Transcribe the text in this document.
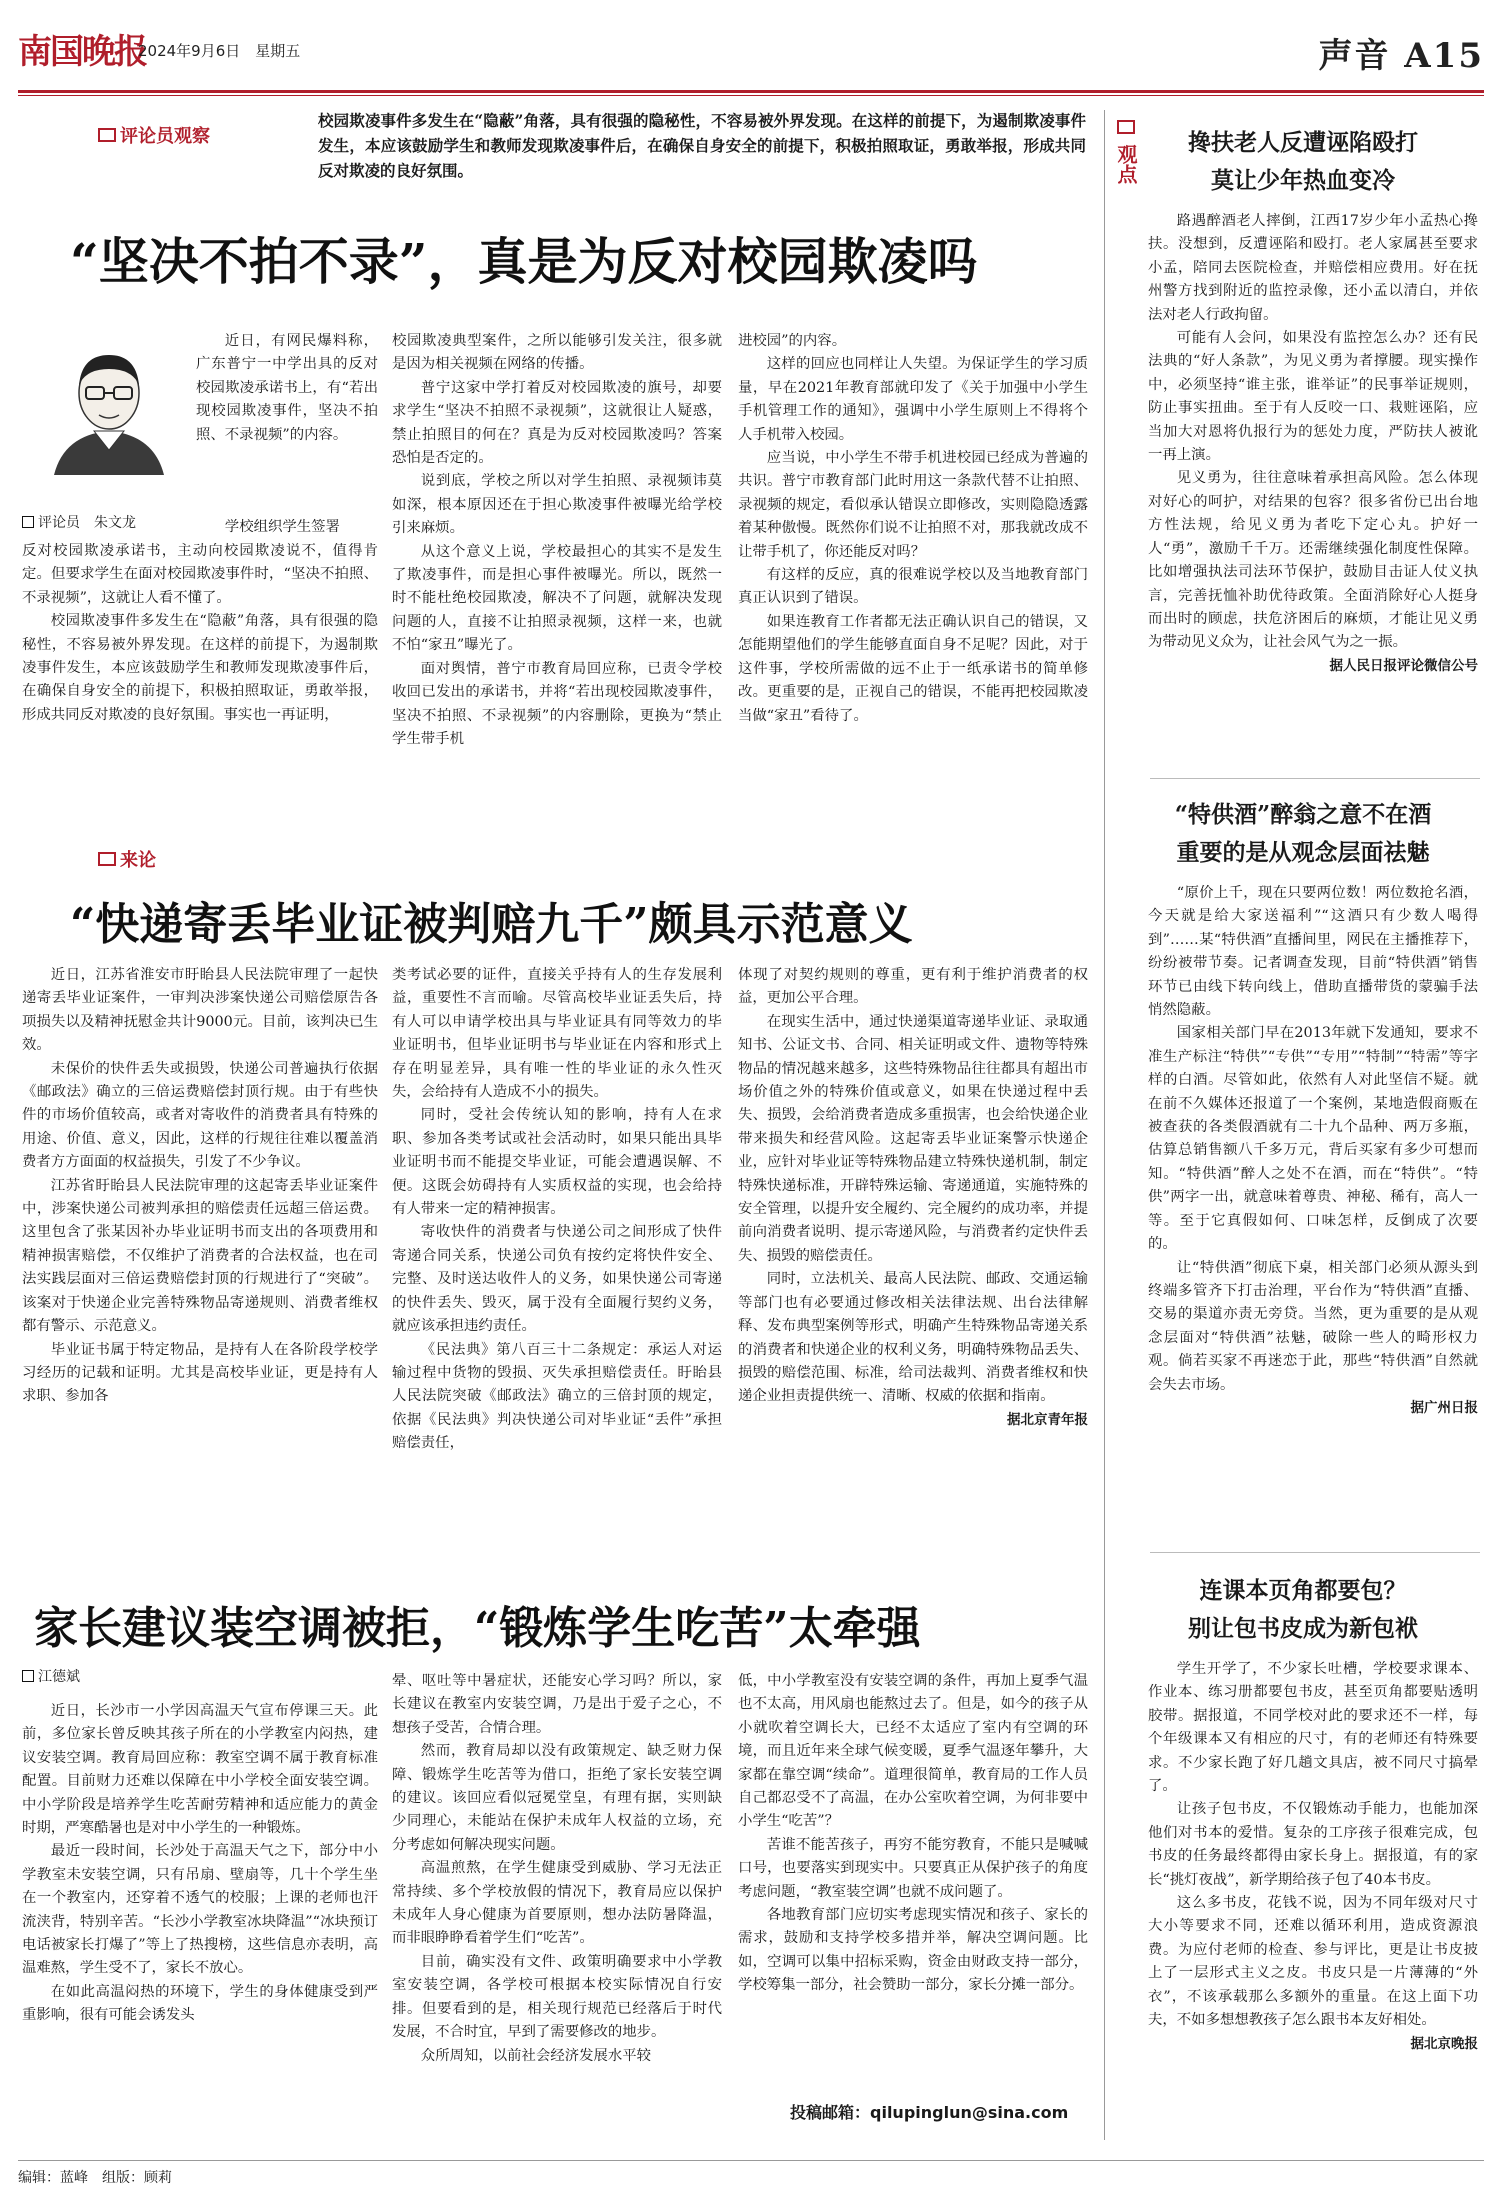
南国晚报
2024年9月6日　 星期五	声音 A15
评论员观察
校园欺凌事件多发生在“隐蔽”角落，具有很强的隐秘性，不容易被外界发现。在这样的前提下，为遏制欺凌事件发生，本应该鼓励学生和教师发现欺凌事件后，在确保自身安全的前提下，积极拍照取证，勇敢举报，形成共同反对欺凌的良好氛围。
“坚决不拍不录”，真是为反对校园欺凌吗
评论员　朱文龙

近日，有网民爆料称，广东普宁一中学出具的反对校园欺凌承诺书上，有“若出现校园欺凌事件，坚决不拍照、不录视频”的内容。

学校组织学生签署

反对校园欺凌承诺书，主动向校园欺凌说不，值得肯定。但要求学生在面对校园欺凌事件时，“坚决不拍照、不录视频”，这就让人看不懂了。

校园欺凌事件多发生在“隐蔽”角落，具有很强的隐秘性，不容易被外界发现。在这样的前提下，为遏制欺凌事件发生，本应该鼓励学生和教师发现欺凌事件后，在确保自身安全的前提下，积极拍照取证，勇敢举报，形成共同反对欺凌的良好氛围。事实也一再证明，

校园欺凌典型案件，之所以能够引发关注，很多就是因为相关视频在网络的传播。

普宁这家中学打着反对校园欺凌的旗号，却要求学生“坚决不拍照不录视频”，这就很让人疑惑，禁止拍照目的何在？真是为反对校园欺凌吗？答案恐怕是否定的。

说到底，学校之所以对学生拍照、录视频讳莫如深，根本原因还在于担心欺凌事件被曝光给学校引来麻烦。

从这个意义上说，学校最担心的其实不是发生了欺凌事件，而是担心事件被曝光。所以，既然一时不能杜绝校园欺凌，解决不了问题，就解决发现问题的人，直接不让拍照录视频，这样一来，也就不怕“家丑”曝光了。

面对舆情，普宁市教育局回应称，已责令学校收回已发出的承诺书，并将“若出现校园欺凌事件，坚决不拍照、不录视频”的内容删除，更换为“禁止学生带手机

进校园”的内容。

这样的回应也同样让人失望。为保证学生的学习质量，早在2021年教育部就印发了《关于加强中小学生手机管理工作的通知》，强调中小学生原则上不得将个人手机带入校园。

应当说，中小学生不带手机进校园已经成为普遍的共识。普宁市教育部门此时用这一条款代替不让拍照、录视频的规定，看似承认错误立即修改，实则隐隐透露着某种傲慢。既然你们说不让拍照不对，那我就改成不让带手机了，你还能反对吗？

有这样的反应，真的很难说学校以及当地教育部门真正认识到了错误。

如果连教育工作者都无法正确认识自己的错误，又怎能期望他们的学生能够直面自身不足呢？因此，对于这件事，学校所需做的远不止于一纸承诺书的简单修改。更重要的是，正视自己的错误，不能再把校园欺凌当做“家丑”看待了。

来论
“快递寄丢毕业证被判赔九千”颇具示范意义

近日，江苏省淮安市盱眙县人民法院审理了一起快递寄丢毕业证案件，一审判决涉案快递公司赔偿原告各项损失以及精神抚慰金共计9000元。目前，该判决已生效。

未保价的快件丢失或损毁，快递公司普遍执行依据《邮政法》确立的三倍运费赔偿封顶行规。由于有些快件的市场价值较高，或者对寄收件的消费者具有特殊的用途、价值、意义，因此，这样的行规往往难以覆盖消费者方方面面的权益损失，引发了不少争议。

江苏省盱眙县人民法院审理的这起寄丢毕业证案件中，涉案快递公司被判承担的赔偿责任远超三倍运费。这里包含了张某因补办毕业证明书而支出的各项费用和精神损害赔偿，不仅维护了消费者的合法权益，也在司法实践层面对三倍运费赔偿封顶的行规进行了“突破”。该案对于快递企业完善特殊物品寄递规则、消费者维权都有警示、示范意义。

毕业证书属于特定物品，是持有人在各阶段学校学习经历的记载和证明。尤其是高校毕业证，更是持有人求职、参加各

类考试必要的证件，直接关乎持有人的生存发展利益，重要性不言而喻。尽管高校毕业证丢失后，持有人可以申请学校出具与毕业证具有同等效力的毕业证明书，但毕业证明书与毕业证在内容和形式上存在明显差异，具有唯一性的毕业证的永久性灭失，会给持有人造成不小的损失。

同时，受社会传统认知的影响，持有人在求职、参加各类考试或社会活动时，如果只能出具毕业证明书而不能提交毕业证，可能会遭遇误解、不便。这既会妨碍持有人实质权益的实现，也会给持有人带来一定的精神损害。

寄收快件的消费者与快递公司之间形成了快件寄递合同关系，快递公司负有按约定将快件安全、完整、及时送达收件人的义务，如果快递公司寄递的快件丢失、毁灭，属于没有全面履行契约义务，就应该承担违约责任。

《民法典》第八百三十二条规定：承运人对运输过程中货物的毁损、灭失承担赔偿责任。盱眙县人民法院突破《邮政法》确立的三倍封顶的规定，依据《民法典》判决快递公司对毕业证“丢件”承担赔偿责任，

体现了对契约规则的尊重，更有利于维护消费者的权益，更加公平合理。

在现实生活中，通过快递渠道寄递毕业证、录取通知书、公证文书、合同、相关证明或文件、遗物等特殊物品的情况越来越多，这些特殊物品往往都具有超出市场价值之外的特殊价值或意义，如果在快递过程中丢失、损毁，会给消费者造成多重损害，也会给快递企业带来损失和经营风险。这起寄丢毕业证案警示快递企业，应针对毕业证等特殊物品建立特殊快递机制，制定特殊快递标准，开辟特殊运输、寄递通道，实施特殊的安全管理，以提升安全履约、完全履约的成功率，并提前向消费者说明、提示寄递风险，与消费者约定快件丢失、损毁的赔偿责任。

同时，立法机关、最高人民法院、邮政、交通运输等部门也有必要通过修改相关法律法规、出台法律解释、发布典型案例等形式，明确产生特殊物品寄递关系的消费者和快递企业的权利义务，明确特殊物品丢失、损毁的赔偿范围、标准，给司法裁判、消费者维权和快递企业担责提供统一、清晰、权威的依据和指南。

据北京青年报

家长建议装空调被拒，“锻炼学生吃苦”太牵强
江德斌

近日，长沙市一小学因高温天气宣布停课三天。此前，多位家长曾反映其孩子所在的小学教室内闷热，建议安装空调。教育局回应称：教室空调不属于教育标准配置。目前财力还难以保障在中小学校全面安装空调。中小学阶段是培养学生吃苦耐劳精神和适应能力的黄金时期，严寒酷暑也是对中小学生的一种锻炼。

最近一段时间，长沙处于高温天气之下，部分中小学教室未安装空调，只有吊扇、壁扇等，几十个学生坐在一个教室内，还穿着不透气的校服；上课的老师也汗流浃背，特别辛苦。“长沙小学教室冰块降温”“冰块预订电话被家长打爆了”等上了热搜榜，这些信息亦表明，高温难熬，学生受不了，家长不放心。

在如此高温闷热的环境下，学生的身体健康受到严重影响，很有可能会诱发头

晕、呕吐等中暑症状，还能安心学习吗？所以，家长建议在教室内安装空调，乃是出于爱子之心，不想孩子受苦，合情合理。

然而，教育局却以没有政策规定、缺乏财力保障、锻炼学生吃苦等为借口，拒绝了家长安装空调的建议。该回应看似冠冕堂皇，有理有据，实则缺少同理心，未能站在保护未成年人权益的立场，充分考虑如何解决现实问题。

高温煎熬，在学生健康受到威胁、学习无法正常持续、多个学校放假的情况下，教育局应以保护未成年人身心健康为首要原则，想办法防暑降温，而非眼睁睁看着学生们“吃苦”。

目前，确实没有文件、政策明确要求中小学教室安装空调，各学校可根据本校实际情况自行安排。但要看到的是，相关现行规范已经落后于时代发展，不合时宜，早到了需要修改的地步。

众所周知，以前社会经济发展水平较

低，中小学教室没有安装空调的条件，再加上夏季气温也不太高，用风扇也能熬过去了。但是，如今的孩子从小就吹着空调长大，已经不太适应了室内有空调的环境，而且近年来全球气候变暖，夏季气温逐年攀升，大家都在靠空调“续命”。道理很简单，教育局的工作人员自己都忍受不了高温，在办公室吹着空调，为何非要中小学生“吃苦”？

苦谁不能苦孩子，再穷不能穷教育，不能只是喊喊口号，也要落实到现实中。只要真正从保护孩子的角度考虑问题，“教室装空调”也就不成问题了。

各地教育部门应切实考虑现实情况和孩子、家长的需求，鼓励和支持学校多措并举，解决空调问题。比如，空调可以集中招标采购，资金由财政支持一部分，学校筹集一部分，社会赞助一部分，家长分摊一部分。

投稿邮箱：qilupinglun@sina.com
观点
搀扶老人反遭诬陷殴打
莫让少年热血变冷

路遇醉酒老人摔倒，江西17岁少年小孟热心搀扶。没想到，反遭诬陷和殴打。老人家属甚至要求小孟，陪同去医院检查，并赔偿相应费用。好在抚州警方找到附近的监控录像，还小孟以清白，并依法对老人行政拘留。

可能有人会问，如果没有监控怎么办？还有民法典的“好人条款”，为见义勇为者撑腰。现实操作中，必须坚持“谁主张，谁举证”的民事举证规则，防止事实扭曲。至于有人反咬一口、栽赃诬陷，应当加大对恩将仇报行为的惩处力度，严防扶人被讹一再上演。

见义勇为，往往意味着承担高风险。怎么体现对好心的呵护，对结果的包容？很多省份已出台地方性法规，给见义勇为者吃下定心丸。护好一人“勇”，激励千千万。还需继续强化制度性保障。比如增强执法司法环节保护，鼓励目击证人仗义执言，完善抚恤补助优待政策。全面消除好心人挺身而出时的顾虑，扶危济困后的麻烦，才能让见义勇为带动见义众为，让社会风气为之一振。

据人民日报评论微信公号

“特供酒”醉翁之意不在酒
重要的是从观念层面祛魅

“原价上千，现在只要两位数！两位数抢名酒，今天就是给大家送福利”“这酒只有少数人喝得到”……某“特供酒”直播间里，网民在主播推荐下，纷纷被带节奏。记者调查发现，目前“特供酒”销售环节已由线下转向线上，借助直播带货的蒙骗手法悄然隐蔽。

国家相关部门早在2013年就下发通知，要求不准生产标注“特供”“专供”“专用”“特制”“特需”等字样的白酒。尽管如此，依然有人对此坚信不疑。就在前不久媒体还报道了一个案例，某地造假商贩在被查获的各类假酒就有二十九个品种、两万多瓶，估算总销售额八千多万元，背后买家有多少可想而知。“特供酒”醉人之处不在酒，而在“特供”。“特供”两字一出，就意味着尊贵、神秘、稀有，高人一等。至于它真假如何、口味怎样，反倒成了次要的。

让“特供酒”彻底下桌，相关部门必须从源头到终端多管齐下打击治理，平台作为“特供酒”直播、交易的渠道亦责无旁贷。当然，更为重要的是从观念层面对“特供酒”祛魅，破除一些人的畸形权力观。倘若买家不再迷恋于此，那些“特供酒”自然就会失去市场。

据广州日报

连课本页角都要包？
别让包书皮成为新包袱

学生开学了，不少家长吐槽，学校要求课本、作业本、练习册都要包书皮，甚至页角都要贴透明胶带。据报道，不同学校对此的要求还不一样，每个年级课本又有相应的尺寸，有的老师还有特殊要求。不少家长跑了好几趟文具店，被不同尺寸搞晕了。

让孩子包书皮，不仅锻炼动手能力，也能加深他们对书本的爱惜。复杂的工序孩子很难完成，包书皮的任务最终都得由家长身上。据报道，有的家长“挑灯夜战”，新学期给孩子包了40本书皮。

这么多书皮，花钱不说，因为不同年级对尺寸大小等要求不同，还难以循环利用，造成资源浪费。为应付老师的检查、参与评比，更是让书皮披上了一层形式主义之皮。书皮只是一片薄薄的“外衣”，不该承载那么多额外的重量。在这上面下功夫，不如多想想教孩子怎么跟书本友好相处。

据北京晚报

编辑：蓝峰　组版：顾莉
